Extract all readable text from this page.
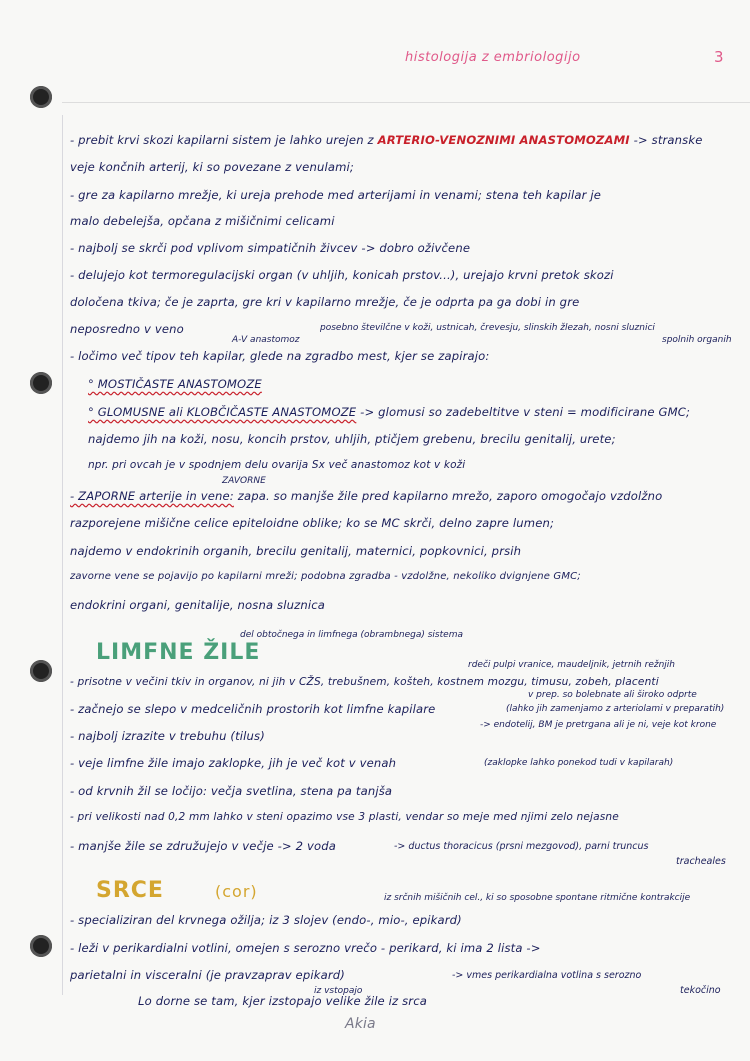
histologija z embriologijo	3
- prebit krvi skozi kapilarni sistem je lahko urejen z ARTERIO-VENOZNIMI ANASTOMOZAMI -> stranske
veje končnih arterij, ki so povezane z venulami;
- gre za kapilarno mrežje, ki ureja prehode med arterijami in venami; stena teh kapilar je
malo debelejša, opčana z mišičnimi celicami
- najbolj se skrči pod vplivom simpatičnih živcev -> dobro oživčene
- delujejo kot termoregulacijski organ (v uhljih, konicah prstov...), urejajo krvni pretok skozi
določena tkiva; če je zaprta, gre kri v kapilarno mrežje, če je odprta pa ga dobi in gre
neposredno v veno	posebno številčne v koži, ustnicah, črevesju, slinskih žlezah, nosni sluznici
spolnih organih
A-V anastomoz
- ločimo več tipov teh kapilar, glede na zgradbo mest, kjer se zapirajo:
° MOSTIČASTE ANASTOMOZE
° GLOMUSNE ali KLOBČIČASTE ANASTOMOZE -> glomusi so zadebeltitve v steni = modificirane GMC;
najdemo jih na koži, nosu, koncih prstov, uhljih, ptičjem grebenu, brecilu genitalij, urete;
npr. pri ovcah je v spodnjem delu ovarija Sx več anastomoz kot v koži
ZAVORNE
- ZAPORNE arterije in vene: zapa. so manjše žile pred kapilarno mrežo, zaporo omogočajo vzdolžno
razporejene mišične celice epiteloidne oblike; ko se MC skrči, delno zapre lumen;
najdemo v endokrinih organih, brecilu genitalij, maternici, popkovnici, prsih
zavorne vene se pojavijo po kapilarni mreži; podobna zgradba - vzdolžne, nekoliko dvignjene GMC;
endokrini organi, genitalije, nosna sluznica
del obtočnega in limfnega (obrambnega) sistema
LIMFNE ŽILE	rdeči pulpi vranice, maudeljnik, jetrnih režnjih
- prisotne v večini tkiv in organov, ni jih v CŽS, trebušnem, košteh, kostnem mozgu, timusu, zobeh, placenti
v prep. so bolebnate ali široko odprte
- začnejo se slepo v medceličnih prostorih kot limfne kapilare	(lahko jih zamenjamo z arteriolami v preparatih)
-> endotelij, BM je pretrgana ali je ni, veje kot krone
- najbolj izrazite v trebuhu (tilus)
- veje limfne žile imajo zaklopke, jih je več kot v venah	(zaklopke lahko ponekod tudi v kapilarah)
- od krvnih žil se ločijo: večja svetlina, stena pa tanjša
- pri velikosti nad 0,2 mm lahko v steni opazimo vse 3 plasti, vendar so meje med njimi zelo nejasne
- manjše žile se združujejo v večje -> 2 voda	-> ductus thoracicus (prsni mezgovod), parni truncus
tracheales
SRCE	(cor)	iz srčnih mišičnih cel., ki so sposobne spontane ritmične kontrakcije
- specializiran del krvnega ožilja; iz 3 slojev (endo-, mio-, epikard)
- leži v perikardialni votlini, omejen s serozno vrečo - perikard, ki ima 2 lista ->
parietalni in visceralni (je pravzaprav epikard)	-> vmes perikardialna votlina s serozno
tekočino
iz vstopajo
Lo dorne se tam, kjer izstopajo velike žile iz srca
Akia
